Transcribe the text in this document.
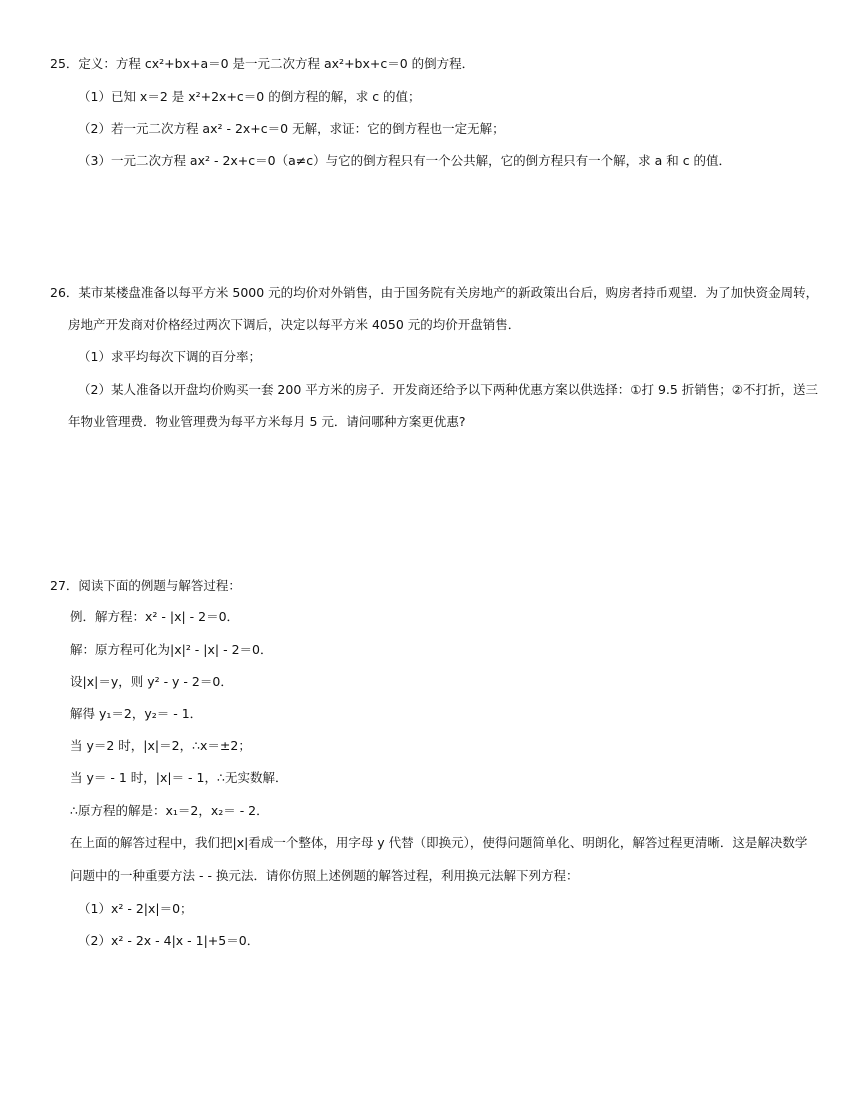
25．定义：方程 cx²+bx+a＝0 是一元二次方程 ax²+bx+c＝0 的倒方程．
（1）已知 x＝2 是 x²+2x+c＝0 的倒方程的解，求 c 的值；
（2）若一元二次方程 ax² - 2x+c＝0 无解，求证：它的倒方程也一定无解；
（3）一元二次方程 ax² - 2x+c＝0（a≠c）与它的倒方程只有一个公共解，它的倒方程只有一个解，求 a 和 c 的值．
26．某市某楼盘准备以每平方米 5000 元的均价对外销售，由于国务院有关房地产的新政策出台后，购房者持币观望．为了加快资金周转，
房地产开发商对价格经过两次下调后，决定以每平方米 4050 元的均价开盘销售．
（1）求平均每次下调的百分率；
（2）某人准备以开盘均价购买一套 200 平方米的房子．开发商还给予以下两种优惠方案以供选择：①打 9.5 折销售；②不打折，送三
年物业管理费．物业管理费为每平方米每月 5 元．请问哪种方案更优惠?
27．阅读下面的例题与解答过程：
例．解方程：x² - |x| - 2＝0．
解：原方程可化为|x|² - |x| - 2＝0．
设|x|＝y，则 y² - y - 2＝0．
解得 y₁＝2，y₂＝ - 1．
当 y＝2 时，|x|＝2，∴x＝±2；
当 y＝ - 1 时，|x|＝ - 1，∴无实数解．
∴原方程的解是：x₁＝2，x₂＝ - 2．
在上面的解答过程中，我们把|x|看成一个整体，用字母 y 代替（即换元），使得问题简单化、明朗化，解答过程更清晰．这是解决数学
问题中的一种重要方法 - - 换元法．请你仿照上述例题的解答过程，利用换元法解下列方程：
（1）x² - 2|x|＝0；
（2）x² - 2x - 4|x - 1|+5＝0．
